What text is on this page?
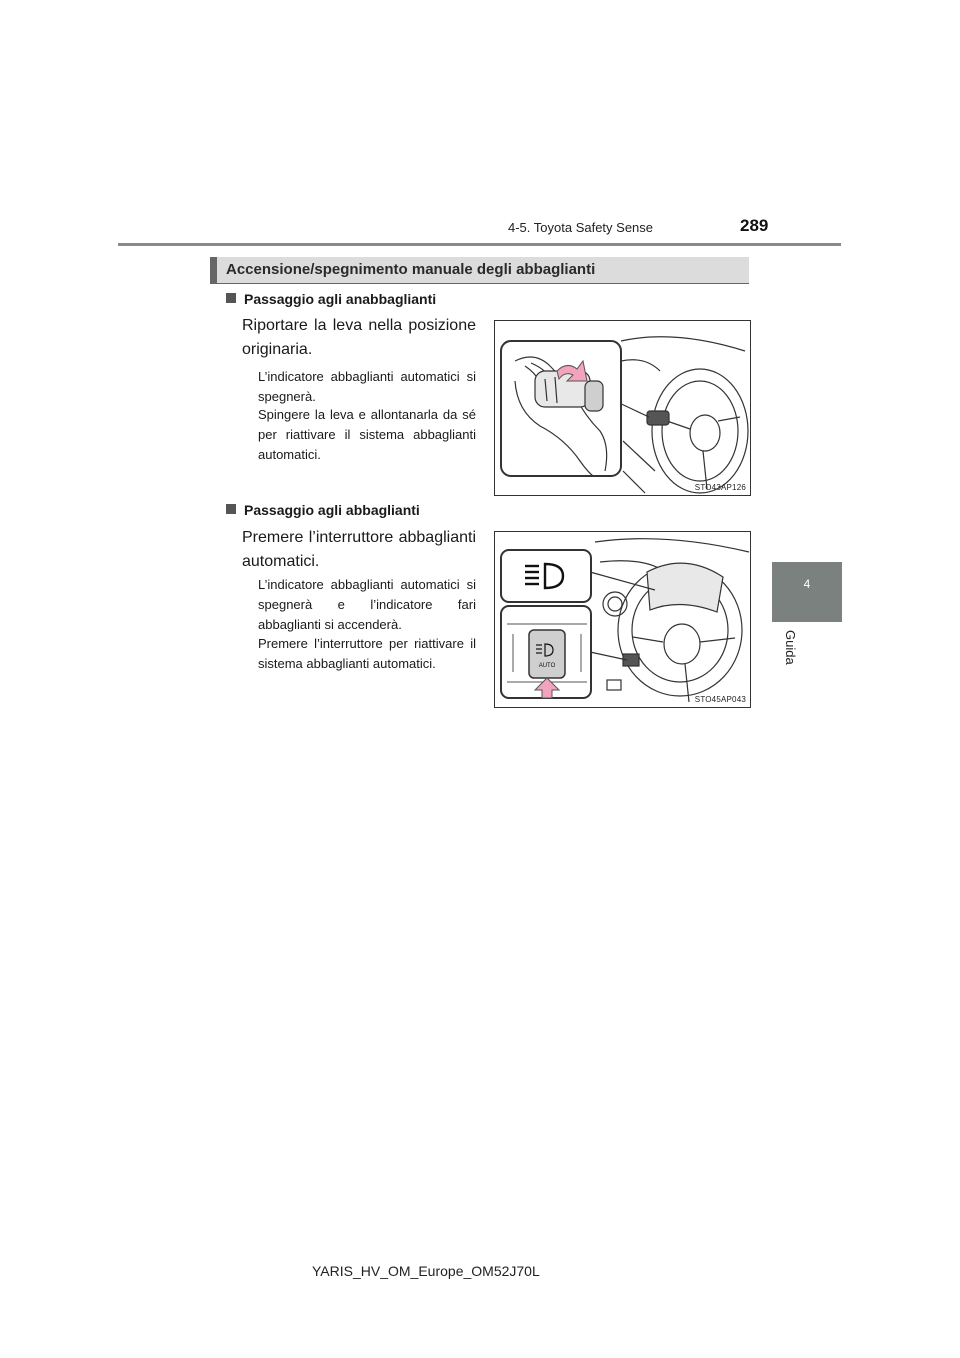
4-5. Toyota Safety Sense	289
4
Guida
Accensione/spegnimento manuale degli abbaglianti
Passaggio agli anabbaglianti
Riportare la leva nella posizione originaria.
L’indicatore abbaglianti automatici si spegnerà.
Spingere la leva e allontanarla da sé per riattivare il sistema abbaglianti automatici.
STO43AP126
Passaggio agli abbaglianti
Premere l’interruttore abbaglianti automatici.
L’indicatore abbaglianti automatici si spegnerà e l’indicatore fari abbaglianti si accenderà.
Premere l’interruttore per riattivare il sistema abbaglianti automatici.	AUTO
STO45AP043
YARIS_HV_OM_Europe_OM52J70L
